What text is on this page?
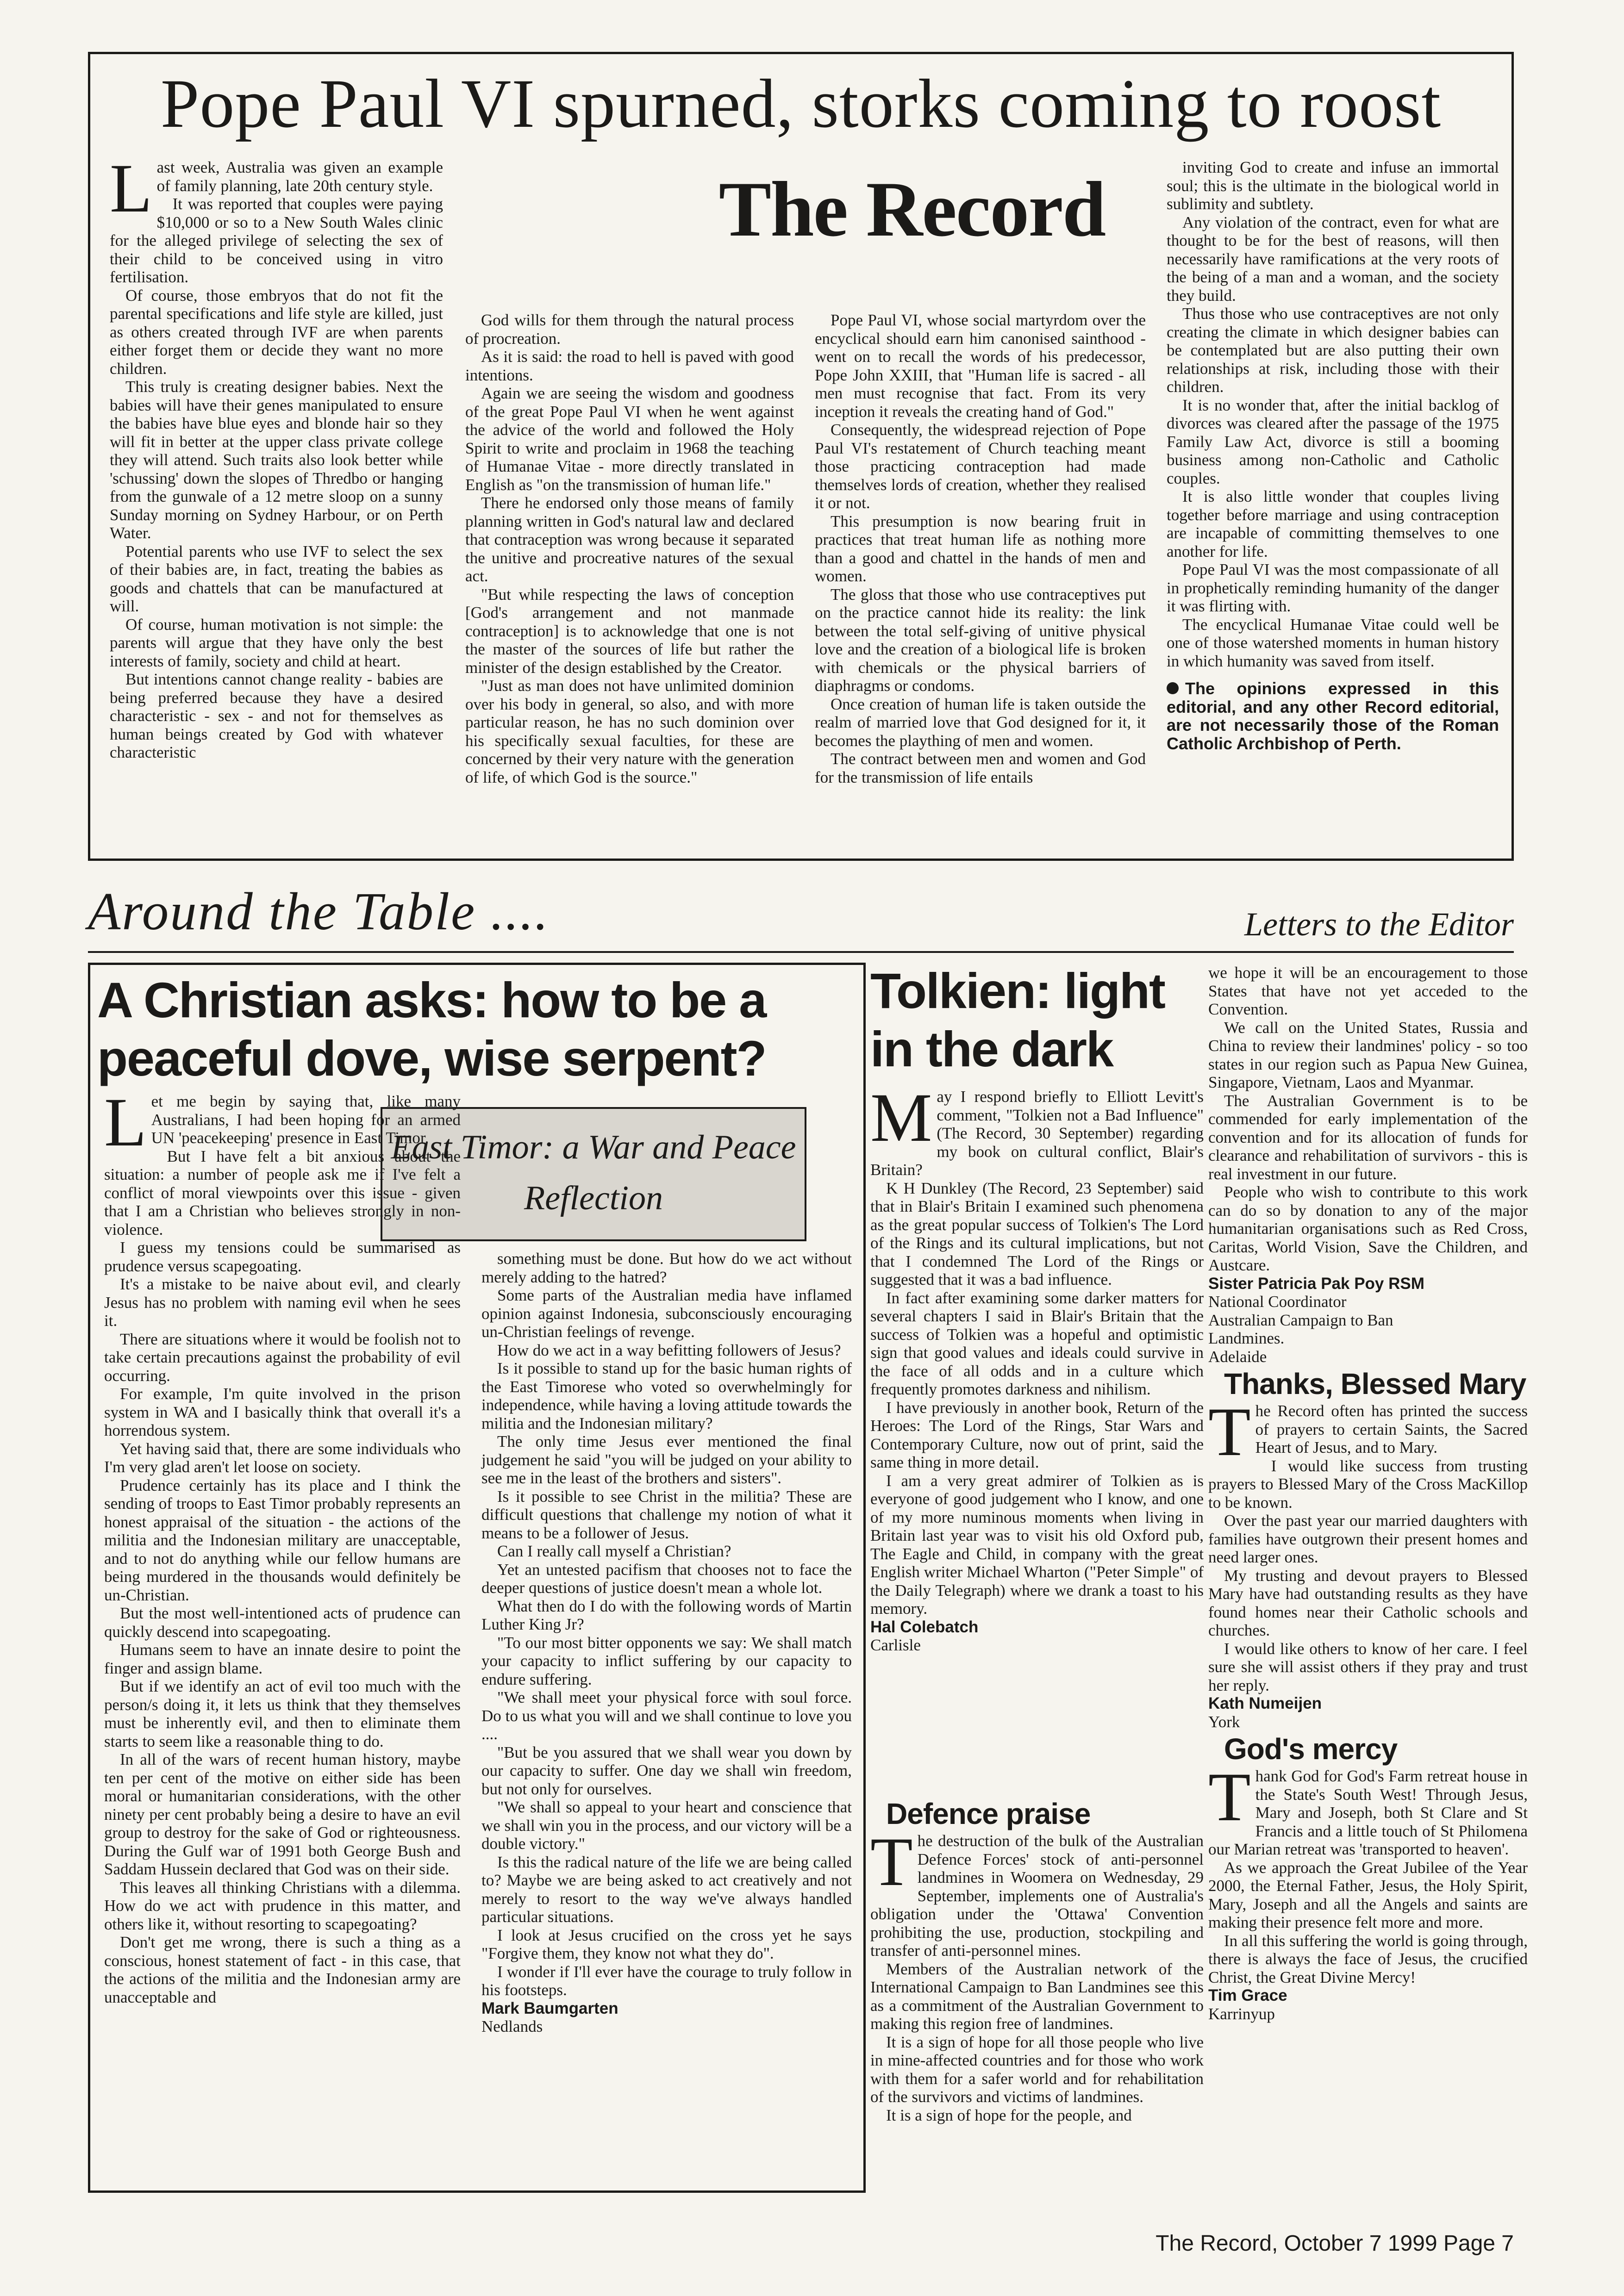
Pope Paul VI spurned, storks coming to roost
The Record

Last week, Australia was given an example of family planning, late 20th century style.

It was reported that couples were paying $10,000 or so to a New South Wales clinic for the alleged privilege of selecting the sex of their child to be conceived using in vitro fertilisation.

Of course, those embryos that do not fit the parental specifications and life style are killed, just as others created through IVF are when parents either forget them or decide they want no more children.

This truly is creating designer babies. Next the babies will have their genes manipulated to ensure the babies have blue eyes and blonde hair so they will fit in better at the upper class private college they will attend. Such traits also look better while 'schussing' down the slopes of Thredbo or hanging from the gunwale of a 12 metre sloop on a sunny Sunday morning on Sydney Harbour, or on Perth Water.

Potential parents who use IVF to select the sex of their babies are, in fact, treating the babies as goods and chattels that can be manufactured at will.

Of course, human motivation is not simple: the parents will argue that they have only the best interests of family, society and child at heart.

But intentions cannot change reality - babies are being preferred because they have a desired characteristic - sex - and not for themselves as human beings created by God with whatever characteristic

God wills for them through the natural process of procreation.

As it is said: the road to hell is paved with good intentions.

Again we are seeing the wisdom and goodness of the great Pope Paul VI when he went against the advice of the world and followed the Holy Spirit to write and proclaim in 1968 the teaching of Humanae Vitae - more directly translated in English as "on the transmission of human life."

There he endorsed only those means of family planning written in God's natural law and declared that contraception was wrong because it separated the unitive and procreative natures of the sexual act.

"But while respecting the laws of conception [God's arrangement and not manmade contraception] is to acknowledge that one is not the master of the sources of life but rather the minister of the design established by the Creator.

"Just as man does not have unlimited dominion over his body in general, so also, and with more particular reason, he has no such dominion over his specifically sexual faculties, for these are concerned by their very nature with the generation of life, of which God is the source."

Pope Paul VI, whose social martyrdom over the encyclical should earn him canonised sainthood - went on to recall the words of his predecessor, Pope John XXIII, that "Human life is sacred - all men must recognise that fact. From its very inception it reveals the creating hand of God."

Consequently, the widespread rejection of Pope Paul VI's restatement of Church teaching meant those practicing contraception had made themselves lords of creation, whether they realised it or not.

This presumption is now bearing fruit in practices that treat human life as nothing more than a good and chattel in the hands of men and women.

The gloss that those who use contraceptives put on the practice cannot hide its reality: the link between the total self-giving of unitive physical love and the creation of a biological life is broken with chemicals or the physical barriers of diaphragms or condoms.

Once creation of human life is taken outside the realm of married love that God designed for it, it becomes the plaything of men and women.

The contract between men and women and God for the transmission of life entails

inviting God to create and infuse an immortal soul; this is the ultimate in the biological world in sublimity and subtlety.

Any violation of the contract, even for what are thought to be for the best of reasons, will then necessarily have ramifications at the very roots of the being of a man and a woman, and the society they build.

Thus those who use contraceptives are not only creating the climate in which designer babies can be contemplated but are also putting their own relationships at risk, including those with their children.

It is no wonder that, after the initial backlog of divorces was cleared after the passage of the 1975 Family Law Act, divorce is still a booming business among non-Catholic and Catholic couples.

It is also little wonder that couples living together before marriage and using contraception are incapable of committing themselves to one another for life.

Pope Paul VI was the most compassionate of all in prophetically reminding humanity of the danger it was flirting with.

The encyclical Humanae Vitae could well be one of those watershed moments in human history in which humanity was saved from itself.

The opinions expressed in this editorial, and any other Record editorial, are not necessarily those of the Roman Catholic Archbishop of Perth.

Around the Table ....	Letters to the Editor
A Christian asks: how to be a peaceful dove, wise serpent?
East Timor: a War and Peace Reflection

Let me begin by saying that, like many Australians, I had been hoping for an armed UN 'peacekeeping' presence in East Timor.

But I have felt a bit anxious about the situation: a number of people ask me if I've felt a conflict of moral viewpoints over this issue - given that I am a Christian who believes strongly in non-violence.

I guess my tensions could be summarised as prudence versus scapegoating.

It's a mistake to be naive about evil, and clearly Jesus has no problem with naming evil when he sees it.

There are situations where it would be foolish not to take certain precautions against the probability of evil occurring.

For example, I'm quite involved in the prison system in WA and I basically think that overall it's a horrendous system.

Yet having said that, there are some individuals who I'm very glad aren't let loose on society.

Prudence certainly has its place and I think the sending of troops to East Timor probably represents an honest appraisal of the situation - the actions of the militia and the Indonesian military are unacceptable, and to not do anything while our fellow humans are being murdered in the thousands would definitely be un-Christian.

But the most well-intentioned acts of prudence can quickly descend into scapegoating.

Humans seem to have an innate desire to point the finger and assign blame.

But if we identify an act of evil too much with the person/s doing it, it lets us think that they themselves must be inherently evil, and then to eliminate them starts to seem like a reasonable thing to do.

In all of the wars of recent human history, maybe ten per cent of the motive on either side has been moral or humanitarian considerations, with the other ninety per cent probably being a desire to have an evil group to destroy for the sake of God or righteousness. During the Gulf war of 1991 both George Bush and Saddam Hussein declared that God was on their side.

This leaves all thinking Christians with a dilemma. How do we act with prudence in this matter, and others like it, without resorting to scapegoating?

Don't get me wrong, there is such a thing as a conscious, honest statement of fact - in this case, that the actions of the militia and the Indonesian army are unacceptable and

something must be done. But how do we act without merely adding to the hatred?

Some parts of the Australian media have inflamed opinion against Indonesia, subconsciously encouraging un-Christian feelings of revenge.

How do we act in a way befitting followers of Jesus?

Is it possible to stand up for the basic human rights of the East Timorese who voted so overwhelmingly for independence, while having a loving attitude towards the militia and the Indonesian military?

The only time Jesus ever mentioned the final judgement he said "you will be judged on your ability to see me in the least of the brothers and sisters".

Is it possible to see Christ in the militia? These are difficult questions that challenge my notion of what it means to be a follower of Jesus.

Can I really call myself a Christian?

Yet an untested pacifism that chooses not to face the deeper questions of justice doesn't mean a whole lot.

What then do I do with the following words of Martin Luther King Jr?

"To our most bitter opponents we say: We shall match your capacity to inflict suffering by our capacity to endure suffering.

"We shall meet your physical force with soul force. Do to us what you will and we shall continue to love you ....

"But be you assured that we shall wear you down by our capacity to suffer. One day we shall win freedom, but not only for ourselves.

"We shall so appeal to your heart and conscience that we shall win you in the process, and our victory will be a double victory."

Is this the radical nature of the life we are being called to? Maybe we are being asked to act creatively and not merely to resort to the way we've always handled particular situations.

I look at Jesus crucified on the cross yet he says "Forgive them, they know not what they do".

I wonder if I'll ever have the courage to truly follow in his footsteps.

Mark Baumgarten

Nedlands

Tolkien: light in the dark

May I respond briefly to Elliott Levitt's comment, "Tolkien not a Bad Influence" (The Record, 30 September) regarding my book on cultural conflict, Blair's Britain?

K H Dunkley (The Record, 23 September) said that in Blair's Britain I examined such phenomena as the great popular success of Tolkien's The Lord of the Rings and its cultural implications, but not that I condemned The Lord of the Rings or suggested that it was a bad influence.

In fact after examining some darker matters for several chapters I said in Blair's Britain that the success of Tolkien was a hopeful and optimistic sign that good values and ideals could survive in the face of all odds and in a culture which frequently promotes darkness and nihilism.

I have previously in another book, Return of the Heroes: The Lord of the Rings, Star Wars and Contemporary Culture, now out of print, said the same thing in more detail.

I am a very great admirer of Tolkien as is everyone of good judgement who I know, and one of my more numinous moments when living in Britain last year was to visit his old Oxford pub, The Eagle and Child, in company with the great English writer Michael Wharton ("Peter Simple" of the Daily Telegraph) where we drank a toast to his memory.

Hal Colebatch

Carlisle

Defence praise

The destruction of the bulk of the Australian Defence Forces' stock of anti-personnel landmines in Woomera on Wednesday, 29 September, implements one of Australia's obligation under the 'Ottawa' Convention prohibiting the use, production, stockpiling and transfer of anti-personnel mines.

Members of the Australian network of the International Campaign to Ban Landmines see this as a commitment of the Australian Government to making this region free of landmines.

It is a sign of hope for all those people who live in mine-affected countries and for those who work with them for a safer world and for rehabilitation of the survivors and victims of landmines.

It is a sign of hope for the people, and

we hope it will be an encouragement to those States that have not yet acceded to the Convention.

We call on the United States, Russia and China to review their landmines' policy - so too states in our region such as Papua New Guinea, Singapore, Vietnam, Laos and Myanmar.

The Australian Government is to be commended for early implementation of the convention and for its allocation of funds for clearance and rehabilitation of survivors - this is real investment in our future.

People who wish to contribute to this work can do so by donation to any of the major humanitarian organisations such as Red Cross, Caritas, World Vision, Save the Children, and Austcare.

Sister Patricia Pak Poy RSM

National Coordinator

Australian Campaign to Ban

Landmines.

Adelaide

Thanks, Blessed Mary

The Record often has printed the success of prayers to certain Saints, the Sacred Heart of Jesus, and to Mary.

I would like success from trusting prayers to Blessed Mary of the Cross MacKillop to be known.

Over the past year our married daughters with families have outgrown their present homes and need larger ones.

My trusting and devout prayers to Blessed Mary have had outstanding results as they have found homes near their Catholic schools and churches.

I would like others to know of her care. I feel sure she will assist others if they pray and trust her reply.

Kath Numeijen

York

God's mercy

Thank God for God's Farm retreat house in the State's South West! Through Jesus, Mary and Joseph, both St Clare and St Francis and a little touch of St Philomena our Marian retreat was 'transported to heaven'.

As we approach the Great Jubilee of the Year 2000, the Eternal Father, Jesus, the Holy Spirit, Mary, Joseph and all the Angels and saints are making their presence felt more and more.

In all this suffering the world is going through, there is always the face of Jesus, the crucified Christ, the Great Divine Mercy!

Tim Grace

Karrinyup

The Record, October 7 1999 Page 7
